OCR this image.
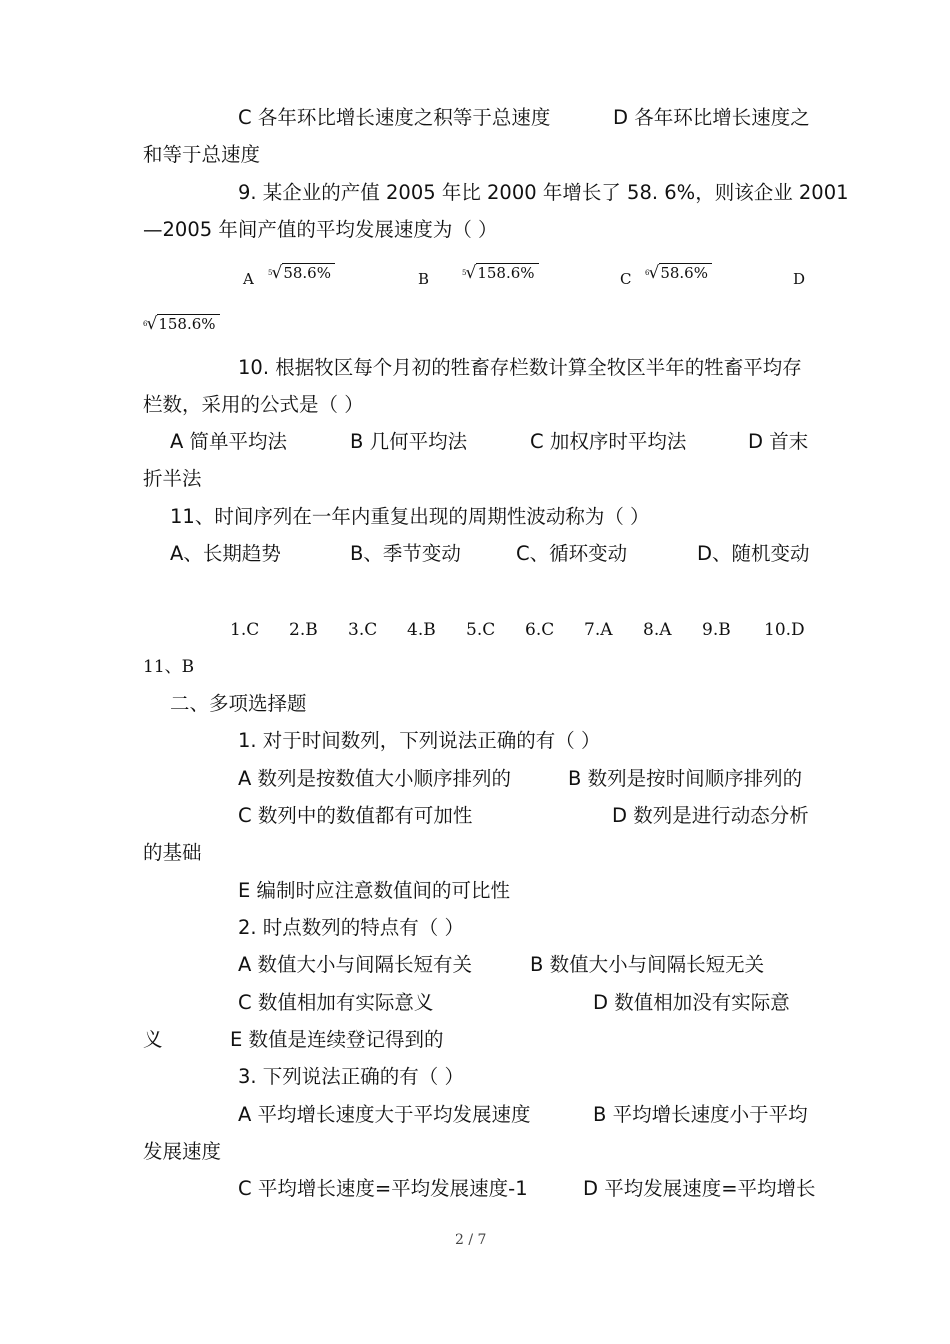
C 各年环比增长速度之积等于总速度	D 各年环比增长速度之
和等于总速度
9. 某企业的产值 2005 年比 2000 年增长了 58. 6%，则该企业 2001
—2005 年间产值的平均发展速度为（ ）
A $^5$√58.6%	B	$^5$√158.6%	C $^6$√58.6%	D
$^6$√158.6%
10. 根据牧区每个月初的牲畜存栏数计算全牧区半年的牲畜平均存
栏数，采用的公式是（ ）
A 简单平均法	B 几何平均法	C 加权序时平均法	D 首末
折半法
11、时间序列在一年内重复出现的周期性波动称为（ ）
A、长期趋势	B、季节变动	C、循环变动	D、随机变动
1.C 2.B 3.C 4.B 5.C 6.C 7.A 8.A 9.B 10.D
11、B
二、多项选择题
1. 对于时间数列，下列说法正确的有（ ）
A 数列是按数值大小顺序排列的	B 数列是按时间顺序排列的
C 数列中的数值都有可加性	D 数列是进行动态分析
的基础
E 编制时应注意数值间的可比性
2. 时点数列的特点有（ ）
A 数值大小与间隔长短有关	B 数值大小与间隔长短无关
C 数值相加有实际意义	D 数值相加没有实际意
义	E 数值是连续登记得到的
3. 下列说法正确的有（ ）
A 平均增长速度大于平均发展速度	B 平均增长速度小于平均
发展速度
C 平均增长速度=平均发展速度-1	D 平均发展速度=平均增长
2 / 7
